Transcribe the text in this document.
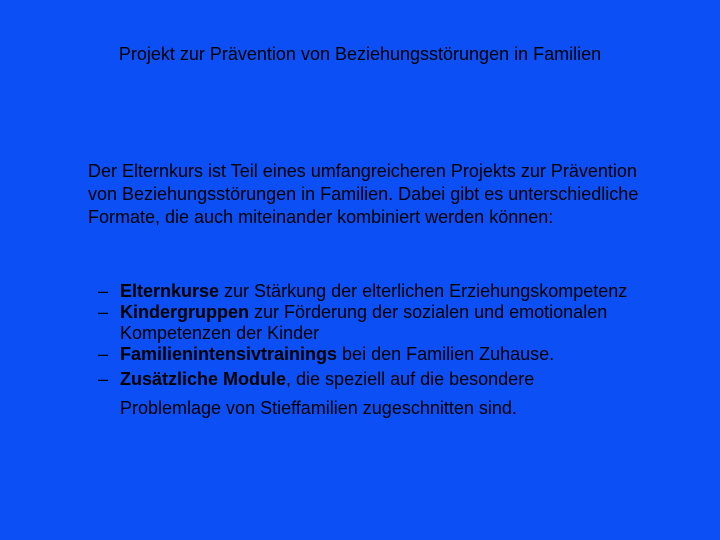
Projekt zur Prävention von Beziehungsstörungen in Familien
Der Elternkurs ist Teil eines umfangreicheren Projekts zur Prävention von Beziehungsstörungen in Familien. Dabei gibt es unterschiedliche Formate, die auch miteinander kombiniert werden können:
– Elternkurse zur Stärkung der elterlichen Erziehungskompetenz
– Kindergruppen zur Förderung der sozialen und emotionalen Kompetenzen der Kinder
– Familienintensivtrainings bei den Familien Zuhause.
– Zusätzliche Module, die speziell auf die besondere
Problemlage von Stieffamilien zugeschnitten sind.
